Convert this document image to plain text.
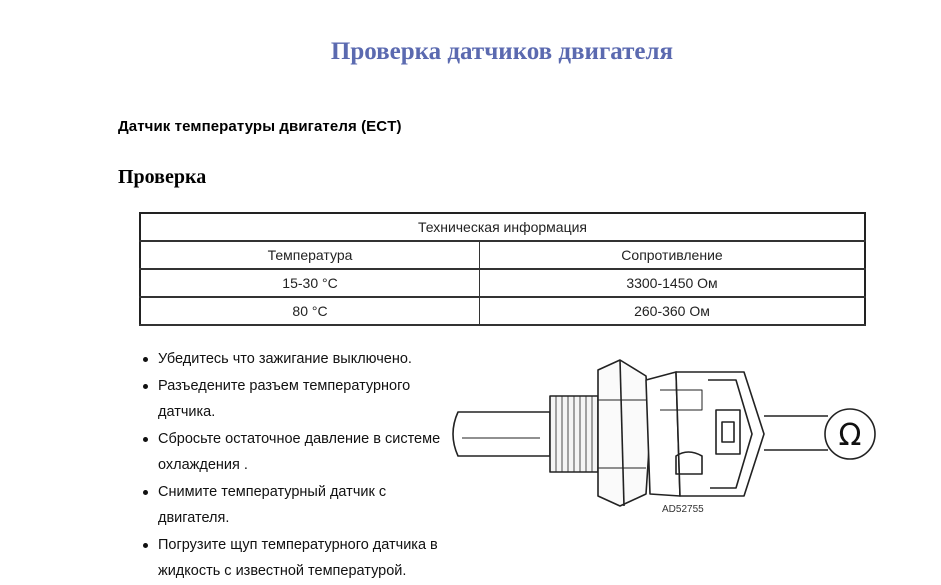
Проверка датчиков двигателя
Датчик температуры двигателя (ECT)
Проверка
Техническая информация	
Температура	Сопротивление
15-30 °С	3300-1450 Ом
80 °С	260-360 Ом
Убедитесь что зажигание выключено.
Разъедените разъем температурного датчика.
Сбросьте остаточное давление в системе охлаждения .
Снимите температурный датчик с двигателя.
Погрузите щуп температурного датчика в жидкость с известной температурой.
Ω
AD52755
